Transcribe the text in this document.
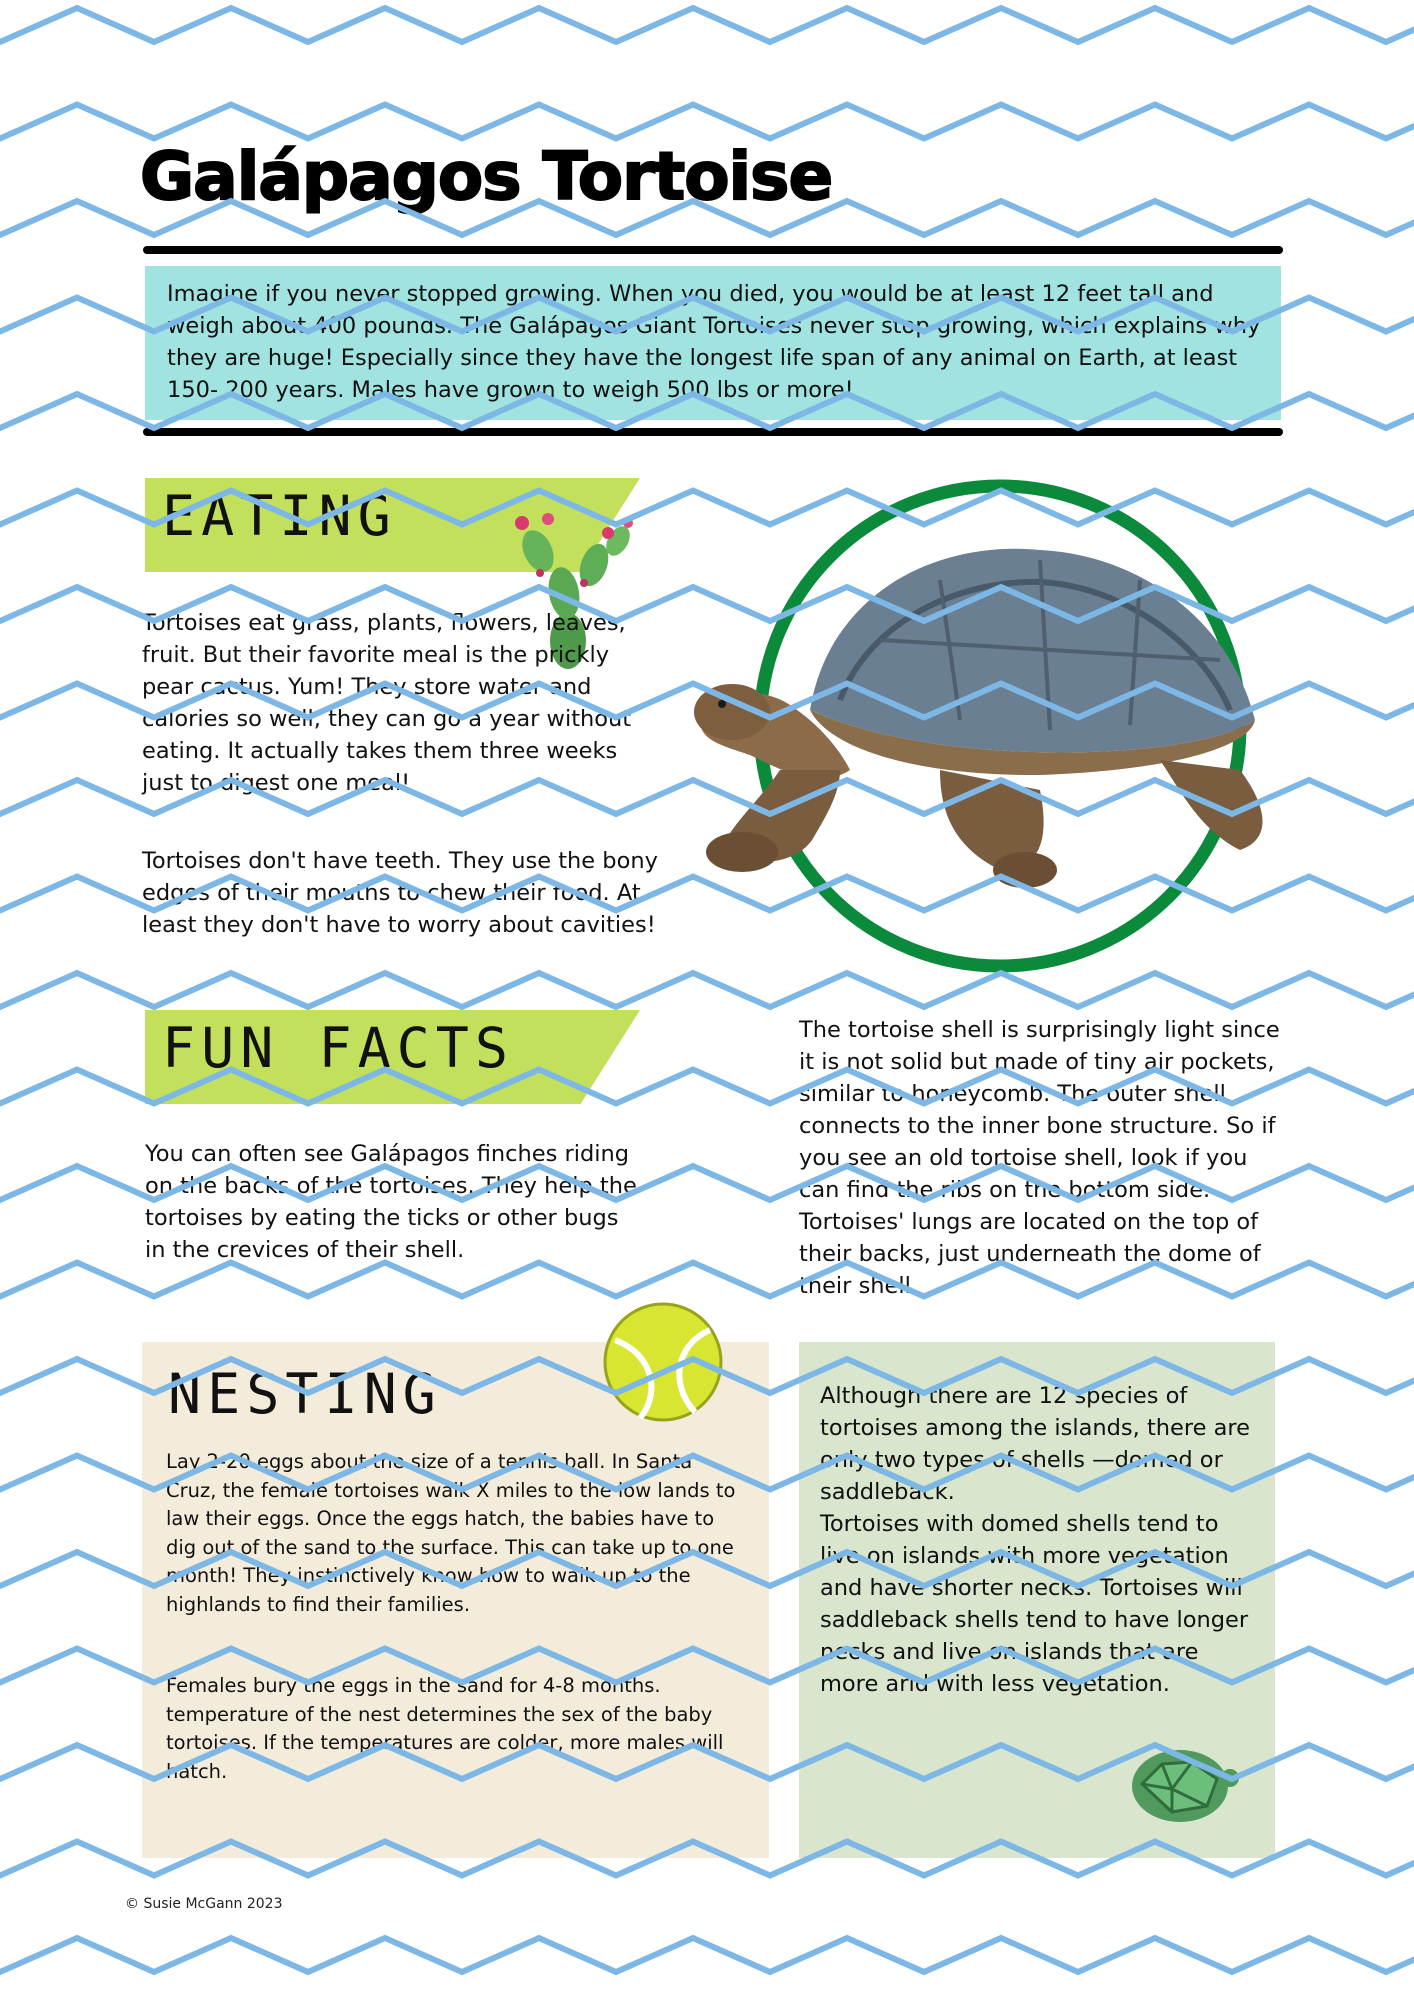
Galápagos Tortoise
Imagine if you never stopped growing. When you died, you would be at least 12 feet tall and weigh about 400 pounds. The Galápagos Giant Tortoises never stop growing, which explains why they are huge! Especially since they have the longest life span of any animal on Earth, at least 150- 200 years. Males have grown to weigh 500 lbs or more!
EATING
Tortoises eat grass, plants, flowers, leaves, fruit. But their favorite meal is the prickly pear cactus. Yum! They store water and calories so well, they can go a year without eating. It actually takes them three weeks just to digest one meal!
Tortoises don't have teeth. They use the bony edges of their mouths to chew their food. At least they don't have to worry about cavities!
FUN FACTS
You can often see Galápagos finches riding on the backs of the tortoises. They help the tortoises by eating the ticks or other bugs in the crevices of their shell.
The tortoise shell is surprisingly light since it is not solid but made of tiny air pockets, similar to honeycomb. The outer shell connects to the inner bone structure. So if you see an old tortoise shell, look if you can find the ribs on the bottom side. Tortoises' lungs are located on the top of their backs, just underneath the dome of their shell.
NESTING
Lay 2-20 eggs about the size of a tennis ball. In Santa Cruz, the female tortoises walk X miles to the low lands to law their eggs. Once the eggs hatch, the babies have to dig out of the sand to the surface. This can take up to one month! They instinctively know how to walk up to the highlands to find their families.
Females bury the eggs in the sand for 4-8 months. temperature of the nest determines the sex of the baby tortoises. If the temperatures are colder, more males will hatch.
Although there are 12 species of tortoises among the islands, there are only two types of shells —domed or saddleback.
Tortoises with domed shells tend to live on islands with more vegetation and have shorter necks. Tortoises will saddleback shells tend to have longer necks and live on islands that are more arid with less vegetation.
© Susie McGann 2023
